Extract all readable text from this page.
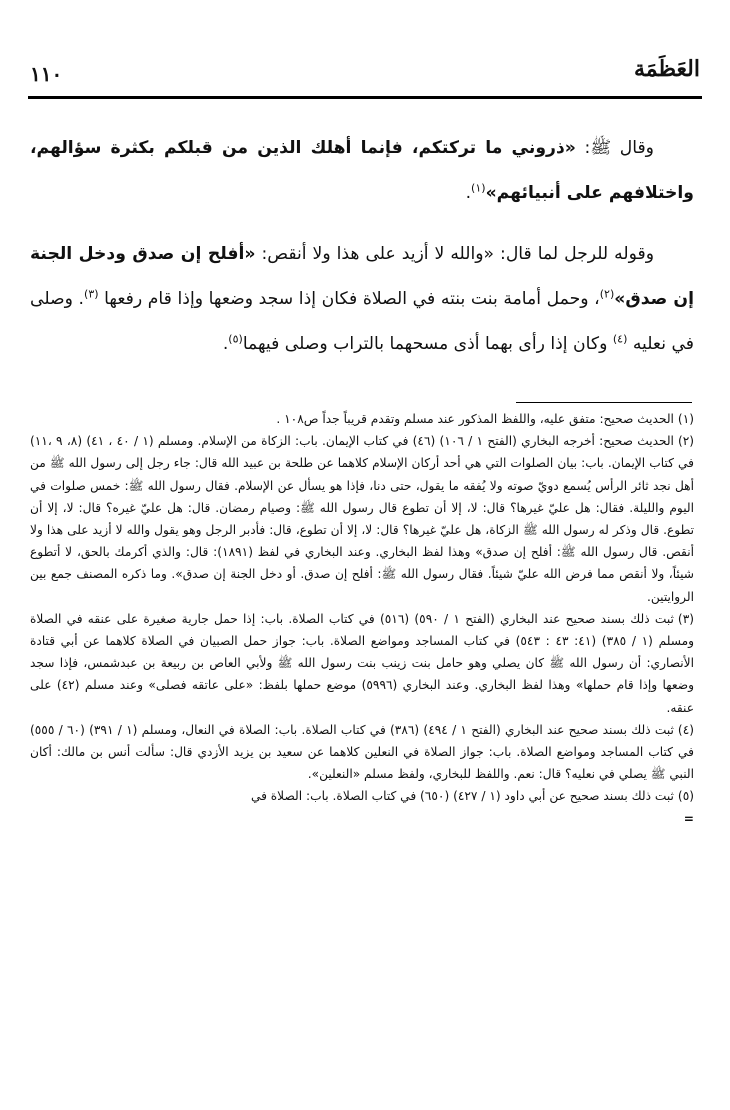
العَظَمَة
١١٠

وقال ﷺ: «ذروني ما تركتكم، فإنما أهلك الذين من قبلكم بكثرة سؤالهم، واختلافهم على أنبيائهم»$^{(١)}$.

وقوله للرجل لما قال: «والله لا أزيد على هذا ولا أنقص: «أفلح إن صدق ودخل الجنة إن صدق»$^{(٢)}$، وحمل أمامة بنت بنته في الصلاة فكان إذا سجد وضعها وإذا قام رفعها $^{(٣)}$. وصلى في نعليه $^{(٤)}$ وكان إذا رأى بهما أذى مسحهما بالتراب وصلى فيهما$^{(٥)}$.

(١)الحديث صحيح: متفق عليه، واللفظ المذكور عند مسلم وتقدم قريباً جداً ص١٠٨ .

(٢)الحديث صحيح: أخرجه البخاري (الفتح ١ / ١٠٦) (٤٦) في كتاب الإيمان. باب: الزكاة من الإسلام. ومسلم (١ / ٤٠ ، ٤١) (٨، ٩ ،١١) في كتاب الإيمان. باب: بيان الصلوات التي هي أحد أركان الإسلام كلاهما عن طلحة بن عبيد الله قال: جاء رجل إلى رسول الله ﷺ من أهل نجد ثائر الرأس يُسمع دويّ صوته ولا يُفقه ما يقول، حتى دنا، فإذا هو يسأل عن الإسلام. فقال رسول الله ﷺ: خمس صلوات في اليوم والليلة. فقال: هل عليّ غيرها؟ قال: لا، إلا أن تطوع قال رسول الله ﷺ: وصيام رمضان. قال: هل عليّ غيره؟ قال: لا، إلا أن تطوع. قال وذكر له رسول الله ﷺ الزكاة، هل عليّ غيرها؟ قال: لا، إلا أن تطوع، قال: فأدبر الرجل وهو يقول والله لا أزيد على هذا ولا أنقص. قال رسول الله ﷺ: أفلح إن صدق» وهذا لفظ البخاري. وعند البخاري في لفظ (١٨٩١): قال: والذي أكرمك بالحق، لا أتطوع شيئاً، ولا أنقص مما فرض الله عليّ شيئاً. فقال رسول الله ﷺ: أفلح إن صدق. أو دخل الجنة إن صدق». وما ذكره المصنف جمع بين الروايتين.

(٣)ثبت ذلك بسند صحيح عند البخاري (الفتح ١ / ٥٩٠) (٥١٦) في كتاب الصلاة. باب: إذا حمل جارية صغيرة على عنقه في الصلاة ومسلم (١ / ٣٨٥) (٤١: ٤٣ : ٥٤٣) في كتاب المساجد ومواضع الصلاة. باب: جواز حمل الصبيان في الصلاة كلاهما عن أبي قتادة الأنصاري: أن رسول الله ﷺ كان يصلي وهو حامل بنت زينب بنت رسول الله ﷺ ولأبي العاص بن ربيعة بن عبدشمس، فإذا سجد وضعها وإذا قام حملها» وهذا لفظ البخاري. وعند البخاري (٥٩٩٦) موضع حملها بلفظ: «على عاتقه فصلى» وعند مسلم (٤٢) على عنقه.

(٤)ثبت ذلك بسند صحيح عند البخاري (الفتح ١ / ٤٩٤) (٣٨٦) في كتاب الصلاة. باب: الصلاة في النعال، ومسلم (١ / ٣٩١) (٦٠ / ٥٥٥) في كتاب المساجد ومواضع الصلاة. باب: جواز الصلاة في النعلين كلاهما عن سعيد بن يزيد الأزدي قال: سألت أنس بن مالك: أكان النبي ﷺ يصلي في نعليه؟ قال: نعم. واللفظ للبخاري، ولفظ مسلم «النعلين».

(٥)ثبت ذلك بسند صحيح عن أبي داود (١ / ٤٢٧) (٦٥٠) في كتاب الصلاة. باب: الصلاة في

=
